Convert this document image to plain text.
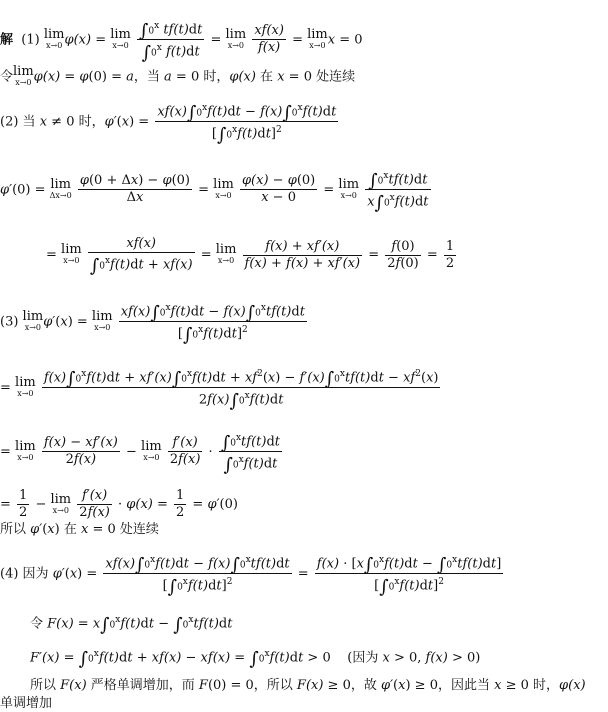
解  (1) lim
x→0 φ(x) = lim
x→0
$\frac{\int 0^x tf(t)dt}{\int 0^x f(t)dt} = \lim$
x→0
$\frac{xf(x)}{f(x)} = \lim$
x→0 x = 0
令 lim
x→0 φ(x) = φ(0) = a，当 a = 0 时，φ(x) 在 x = 0 处连续
(2) 当 x ≠ 0 时，$\varphi'(x) = \frac{xf(x)\int 0^xf(t)dt - f(x)\int 0^xf(t)dt}{[\int 0^xf(t)dt]^2}$
φ′(0) = lim
Δx→0
$\frac{\varphi(0 + \Delta x) - \varphi(0)}{\Delta x} = \lim$
x→0
$\frac{\varphi(x) - \varphi(0)}{x - 0} = \lim$
x→0
$\frac{\int 0^xtf(t)dt}{x\int 0^xf(t)dt}$
= lim
x→0
$\frac{xf(x)}{\int 0^xf(t)dt + xf(x)} = \lim$
x→0
$\frac{f(x) + xf'(x)}{f(x) + f(x) + xf'(x)} = \frac{f(0)}{2f(0)} = \frac{1}{2}$
(3) lim
x→0 φ′(x) = lim
x→0
$\frac{xf(x)\int 0^xf(t)dt - f(x)\int 0^xtf(t)dt}{[\int 0^xf(t)dt]^2}$
= lim
x→0

$f(x)\int 0^xf(t)dt + xf'(x)\int 0^xf(t)dt + xf^2(x) - f'(x)\int 0^xtf(t)dt - xf^2(x)$
$2f(x)\int 0^xf(t)dt$
= lim
x→0
$\frac{f(x) - xf'(x)}{2f(x)} - \lim$
x→0
$\frac{f'(x)}{2f(x)} \cdot \frac{\int 0^xtf(t)dt}{\int 0^xf(t)dt}$
= $\frac{1}{2} - \lim$
x→0
$\frac{f'(x)}{2f(x)} \cdot \varphi(x) = \frac{1}{2} = \varphi'(0)$
所以 φ′(x) 在 x = 0 处连续
(4) 因为 $\varphi'(x) = \frac{xf(x)\int 0^xf(t)dt - f(x)\int 0^xtf(t)dt}{[\int 0^xf(t)dt]^2} = \frac{f(x) \cdot [x\int 0^xf(t)dt - \int 0^xtf(t)dt]}{[\int 0^xf(t)dt]^2}$
令 $F(x) = x\int 0^xf(t)dt - \int 0^xtf(t)dt$
$F'(x) = \int 0^xf(t)dt + xf(x) - xf(x) = \int 0^xf(t)dt > 0$    (因为 x > 0, f(x) > 0)
所以 F(x) 严格单调增加，而 F(0) = 0，所以 F(x) ≥ 0，故 φ′(x) ≥ 0，因此当 x ≥ 0 时，φ(x)
单调增加
